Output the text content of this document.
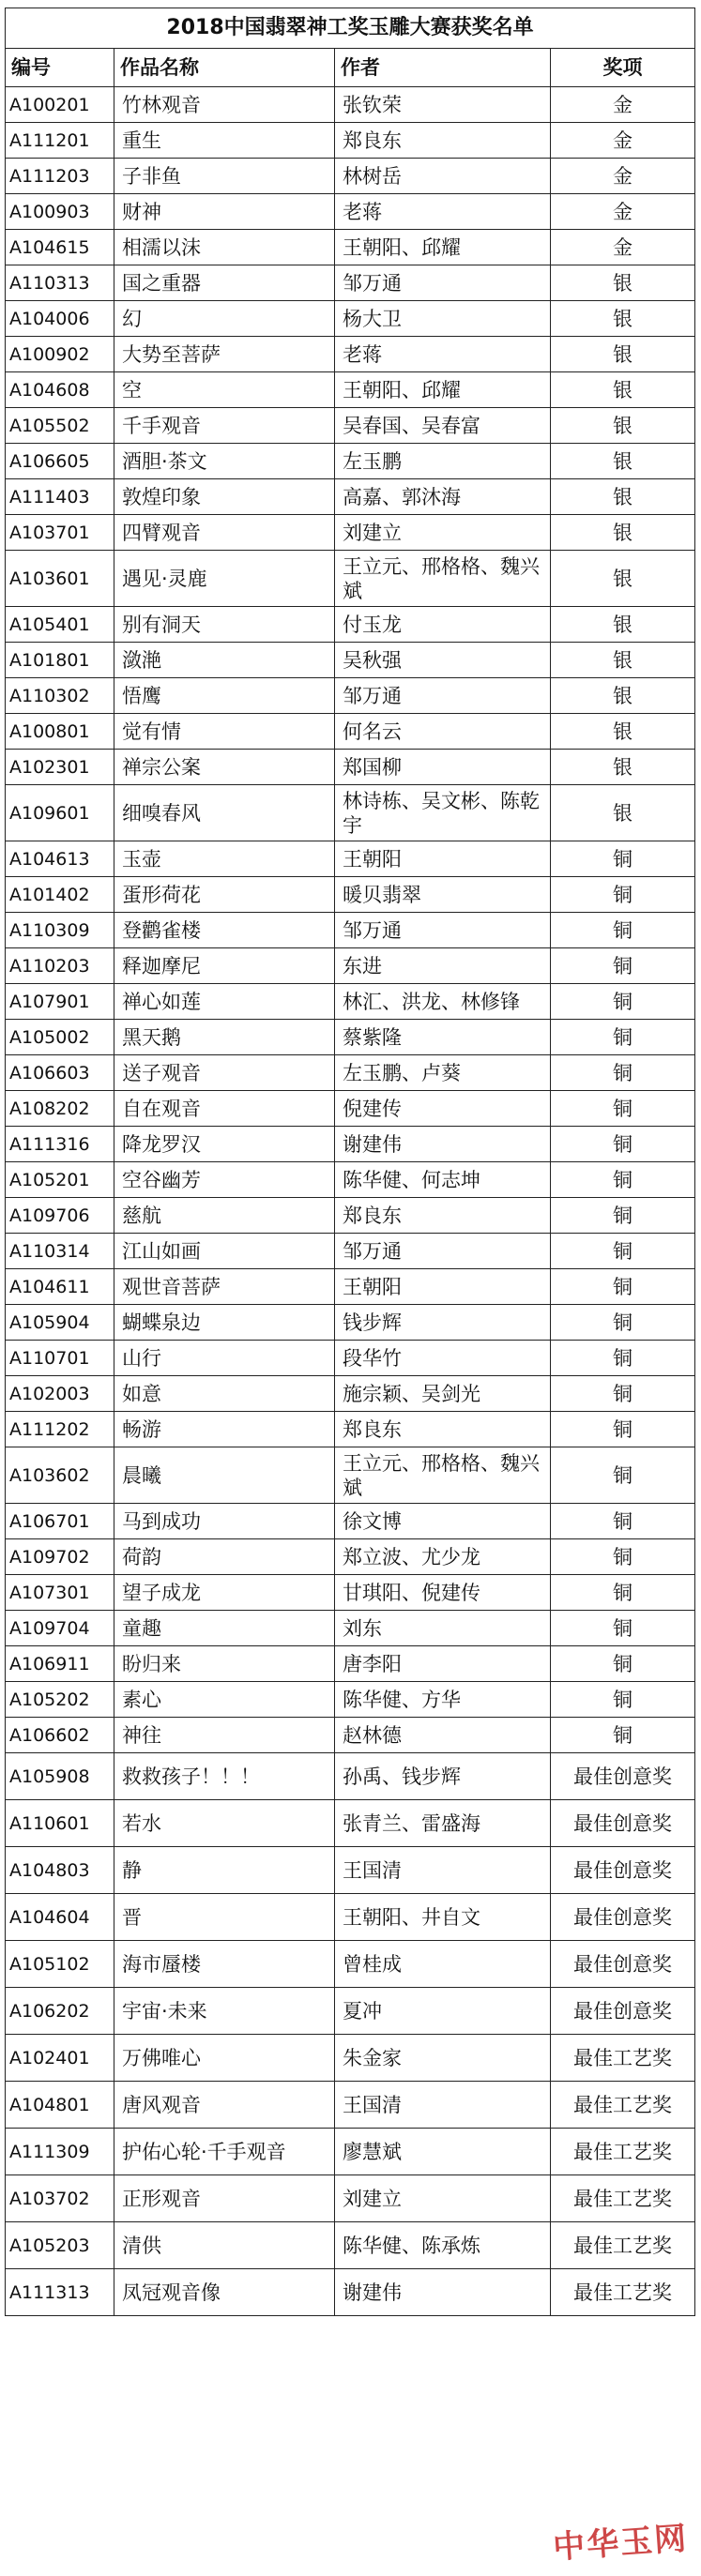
2018中国翡翠神工奖玉雕大赛获奖名单			
编号	作品名称	作者	奖项
A100201	竹林观音	张钦荣	金
A111201	重生	郑良东	金
A111203	子非鱼	林树岳	金
A100903	财神	老蒋	金
A104615	相濡以沫	王朝阳、邱耀	金
A110313	国之重器	邹万通	银
A104006	幻	杨大卫	银
A100902	大势至菩萨	老蒋	银
A104608	空	王朝阳、邱耀	银
A105502	千手观音	吴春国、吴春富	银
A106605	酒胆·茶文	左玉鹏	银
A111403	敦煌印象	高嘉、郭沐海	银
A103701	四臂观音	刘建立	银
A103601	遇见·灵鹿	王立元、邢格格、魏兴斌	银
A105401	别有洞天	付玉龙	银
A101801	潋滟	吴秋强	银
A110302	悟鹰	邹万通	银
A100801	觉有情	何名云	银
A102301	禅宗公案	郑国柳	银
A109601	细嗅春风	林诗栋、吴文彬、陈乾宇	银
A104613	玉壶	王朝阳	铜
A101402	蛋形荷花	暖贝翡翠	铜
A110309	登鹳雀楼	邹万通	铜
A110203	释迦摩尼	东进	铜
A107901	禅心如莲	林汇、洪龙、林修锋	铜
A105002	黑天鹅	蔡紫隆	铜
A106603	送子观音	左玉鹏、卢葵	铜
A108202	自在观音	倪建传	铜
A111316	降龙罗汉	谢建伟	铜
A105201	空谷幽芳	陈华健、何志坤	铜
A109706	慈航	郑良东	铜
A110314	江山如画	邹万通	铜
A104611	观世音菩萨	王朝阳	铜
A105904	蝴蝶泉边	钱步辉	铜
A110701	山行	段华竹	铜
A102003	如意	施宗颖、吴剑光	铜
A111202	畅游	郑良东	铜
A103602	晨曦	王立元、邢格格、魏兴斌	铜
A106701	马到成功	徐文博	铜
A109702	荷韵	郑立波、尤少龙	铜
A107301	望子成龙	甘琪阳、倪建传	铜
A109704	童趣	刘东	铜
A106911	盼归来	唐李阳	铜
A105202	素心	陈华健、方华	铜
A106602	神往	赵林德	铜
A105908	救救孩子！！！	孙禹、钱步辉	最佳创意奖
A110601	若水	张青兰、雷盛海	最佳创意奖
A104803	静	王国清	最佳创意奖
A104604	晋	王朝阳、井自文	最佳创意奖
A105102	海市蜃楼	曾桂成	最佳创意奖
A106202	宇宙·未来	夏冲	最佳创意奖
A102401	万佛唯心	朱金家	最佳工艺奖
A104801	唐风观音	王国清	最佳工艺奖
A111309	护佑心轮·千手观音	廖慧斌	最佳工艺奖
A103702	正形观音	刘建立	最佳工艺奖
A105203	清供	陈华健、陈承炼	最佳工艺奖
A111313	凤冠观音像	谢建伟	最佳工艺奖
中华玉网
